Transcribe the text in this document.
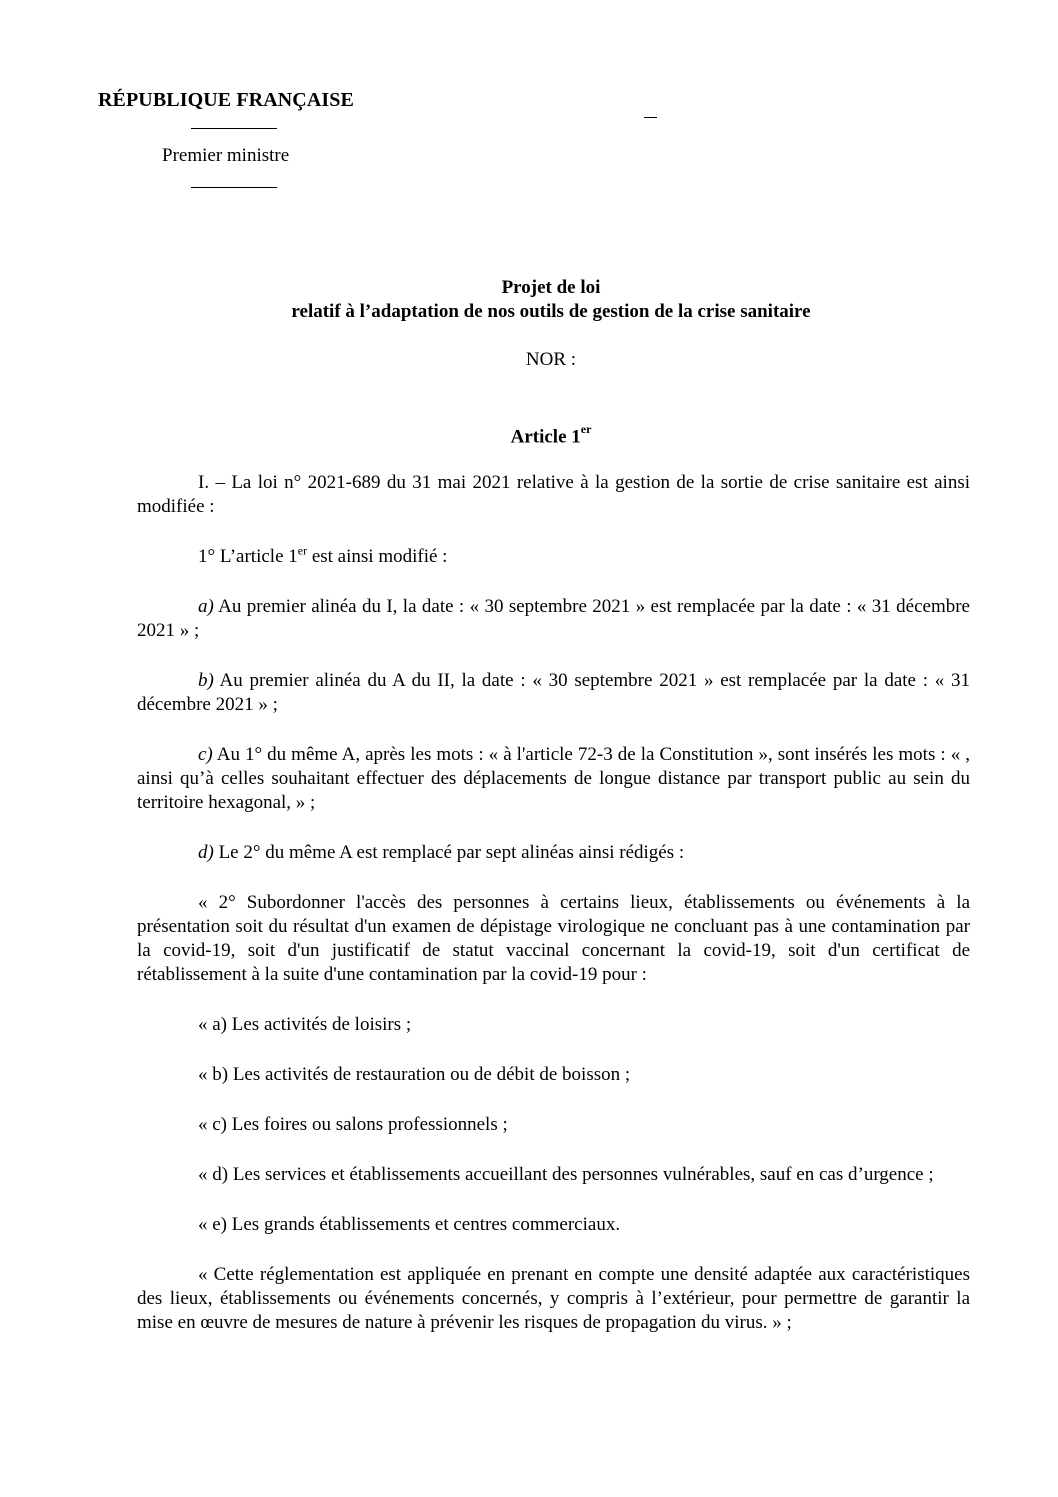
RÉPUBLIQUE FRANÇAISE
Premier ministre
Projet de loi
relatif à l’adaptation de nos outils de gestion de la crise sanitaire
NOR :
Article 1er

I. – La loi n° 2021-689 du 31 mai 2021 relative à la gestion de la sortie de crise sanitaire est ainsi modifiée :

1° L’article 1er est ainsi modifié :

a) Au premier alinéa du I, la date : « 30 septembre 2021 » est remplacée par la date : « 31 décembre 2021 » ;

b) Au premier alinéa du A du II, la date : « 30 septembre 2021 » est remplacée par la date : « 31 décembre 2021 » ;

c) Au 1° du même A, après les mots : « à l'article 72-3 de la Constitution », sont insérés les mots : « , ainsi qu’à celles souhaitant effectuer des déplacements de longue distance par transport public au sein du territoire hexagonal, » ;

d) Le 2° du même A est remplacé par sept alinéas ainsi rédigés :

« 2° Subordonner l'accès des personnes à certains lieux, établissements ou événements à la présentation soit du résultat d'un examen de dépistage virologique ne concluant pas à une contamination par la covid-19, soit d'un justificatif de statut vaccinal concernant la covid-19, soit d'un certificat de rétablissement à la suite d'une contamination par la covid-19 pour :

« a) Les activités de loisirs ;

« b) Les activités de restauration ou de débit de boisson ;

« c) Les foires ou salons professionnels ;

« d) Les services et établissements accueillant des personnes vulnérables, sauf en cas d’urgence ;

« e) Les grands établissements et centres commerciaux.

« Cette réglementation est appliquée en prenant en compte une densité adaptée aux caractéristiques des lieux, établissements ou événements concernés, y compris à l’extérieur, pour permettre de garantir la mise en œuvre de mesures de nature à prévenir les risques de propagation du virus. » ;
